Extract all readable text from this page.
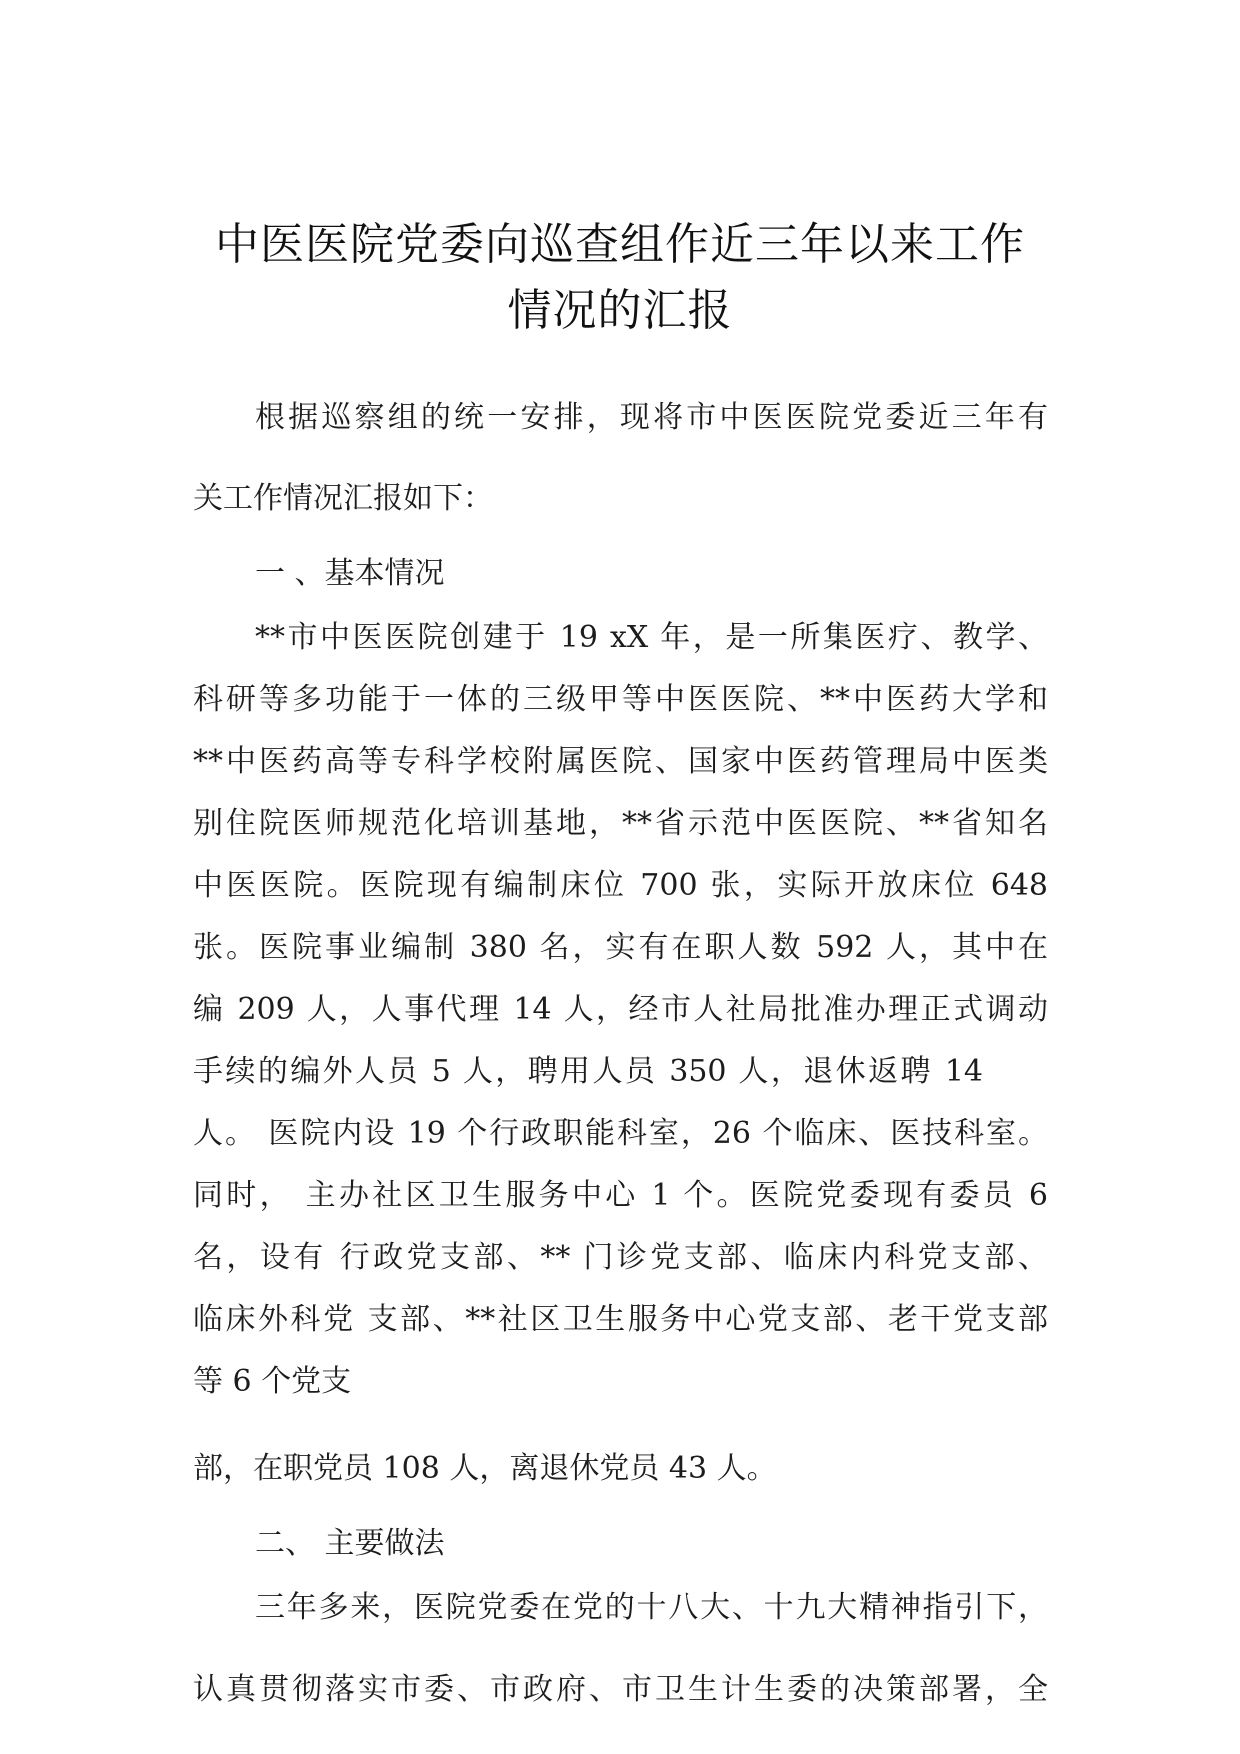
中医医院党委向巡查组作近三年以来工作
情况的汇报
根据巡察组的统一安排，现将市中医医院党委近三年有
关工作情况汇报如下：
一 、基本情况
**市中医医院创建于 19 xX 年，是一所集医疗、教学、
科研等多功能于一体的三级甲等中医医院、**中医药大学和
**中医药高等专科学校附属医院、国家中医药管理局中医类
别住院医师规范化培训基地，**省示范中医医院、**省知名
中医医院。医院现有编制床位 700 张，实际开放床位 648
张。医院事业编制 380 名，实有在职人数 592 人，其中在
编 209 人，人事代理 14 人，经市人社局批准办理正式调动
手续的编外人员 5 人，聘用人员 350 人，退休返聘 14
人。 医院内设 19 个行政职能科室，26 个临床、医技科室。
同时， 主办社区卫生服务中心 1 个。医院党委现有委员 6
名，设有 行政党支部、** 门诊党支部、临床内科党支部、
临床外科党 支部、**社区卫生服务中心党支部、老干党支部
等 6 个党支
部，在职党员 108 人，离退休党员 43 人。
二、 主要做法
三年多来，医院党委在党的十八大、十九大精神指引下，
认真贯彻落实市委、市政府、市卫生计生委的决策部署，全
